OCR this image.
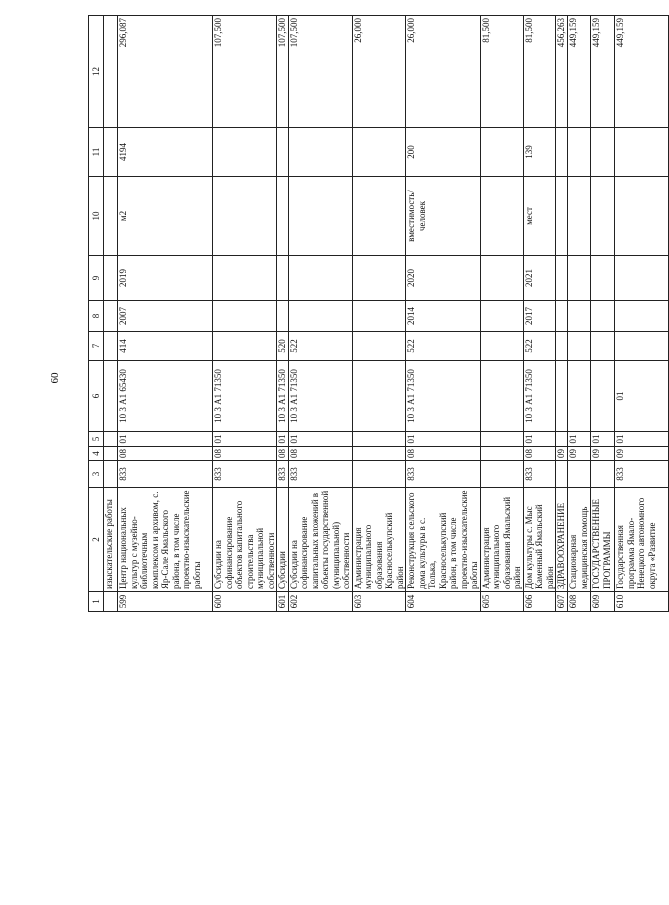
60
1	2	3	4	5	6	7	8	9	10	11	12
	изыскательские работы										
599	Центр национальных культур с музейно-библиотечным комплексом и архивом, с. Яр-Сале Ямальского района, в том числе проектно-изыскательские работы	833	08	01	10 3 А1 65430	414	2007	2019	м2	4194	296,087
600	Субсидии на софинансирование объектов капитального строительства муниципальной собственности	833	08	01	10 3 А1 71350						107,500
601	Субсидии	833	08	01	10 3 А1 71350	520					107,500
602	Субсидии на софинансирование капитальных вложений в объекты государственной (муниципальной) собственности	833	08	01	10 3 А1 71350	522					107,500
603	Администрация муниципального образования Красноселькупский район										26,000
604	Реконструкция сельского дома культуры в с. Толька, Красноселькупский район, в том числе проектно-изыскательские работы	833	08	01	10 3 А1 71350	522	2014	2020	вместимость/ человек	200	26,000
605	Администрация муниципального образования Ямальский район										81,500
606	Дом культуры с. Мыс Каменный Ямальский район	833	08	01	10 3 А1 71350	522	2017	2021	мест	139	81,500
607	ЗДРАВООХРАНЕНИЕ		09								456,263
608	Стационарная медицинская помощь		09	01							449,159
609	ГОСУДАРСТВЕННЫЕ ПРОГРАММЫ		09	01							449,159
610	Государственная программа Ямало-Ненецкого автономного округа «Развитие	833	09	01	01						449,159
